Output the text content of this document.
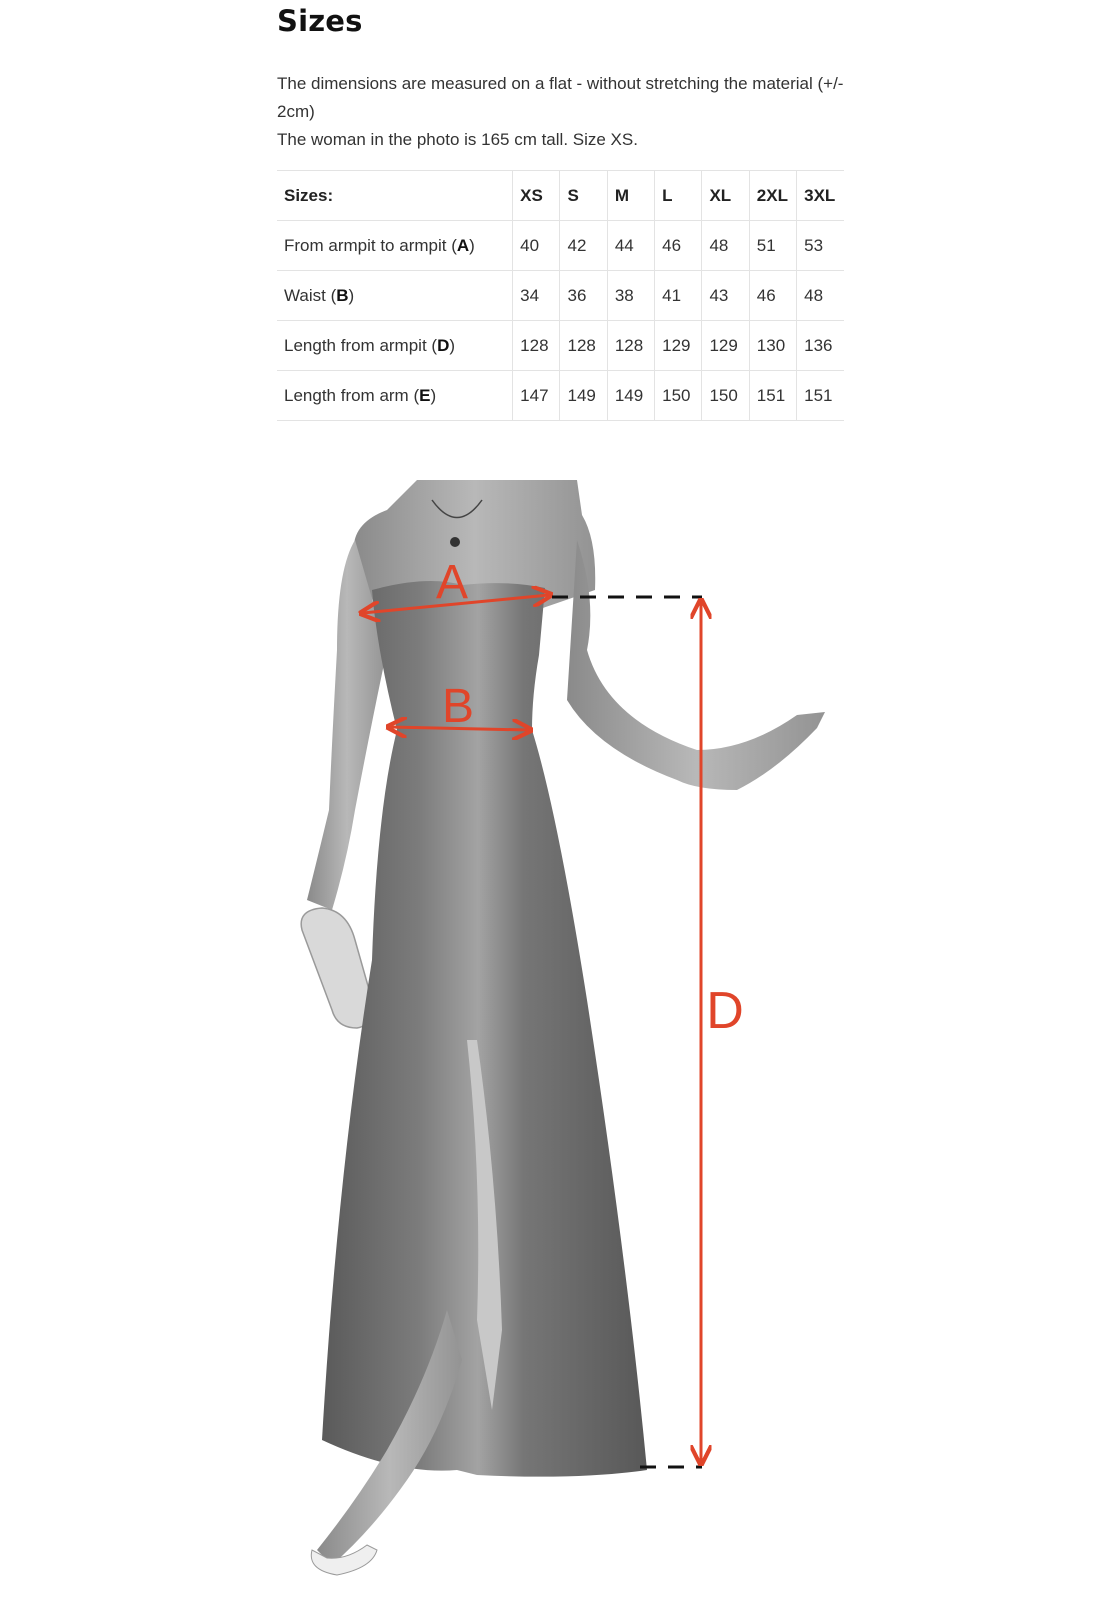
Sizes

The dimensions are measured on a flat - without stretching the material (+/- 2cm)

The woman in the photo is 165 cm tall. Size XS.

Sizes:	XS	S	M	L	XL	2XL	3XL
From armpit to armpit (A)	40	42	44	46	48	51	53
Waist (B)	34	36	38	41	43	46	48
Length from armpit (D)	128	128	128	129	129	130	136
Length from arm (E)	147	149	149	150	150	151	151
A
B
D
